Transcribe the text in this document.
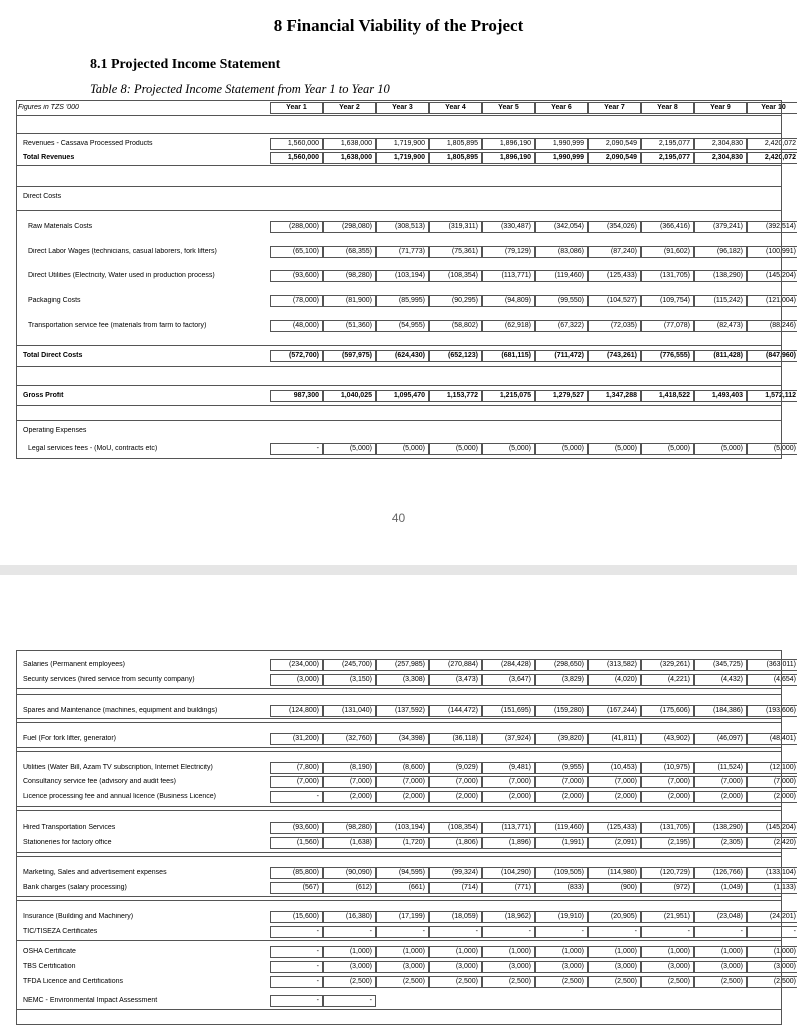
8 Financial Viability of the Project
8.1 Projected Income Statement
Table 8: Projected Income Statement from Year 1 to Year 10
Figures in TZS '000	Year 1	Year 2	Year 3	Year 4	Year 5	Year 6	Year 7	Year 8	Year 9	Year 10
Revenues - Cassava Processed Products	1,560,000	1,638,000	1,719,900	1,805,895	1,896,190	1,990,999	2,090,549	2,195,077	2,304,830	2,420,072
Total Revenues	1,560,000	1,638,000	1,719,900	1,805,895	1,896,190	1,990,999	2,090,549	2,195,077	2,304,830	2,420,072
Direct Costs
Raw Materials Costs	(288,000)	(298,080)	(308,513)	(319,311)	(330,487)	(342,054)	(354,026)	(366,416)	(379,241)	(392,514)
Direct Labor Wages (technicians, casual laborers, fork lifters)	(65,100)	(68,355)	(71,773)	(75,361)	(79,129)	(83,086)	(87,240)	(91,602)	(96,182)	(100,991)
Direct Utilities (Electricity, Water used in production process)	(93,600)	(98,280)	(103,194)	(108,354)	(113,771)	(119,460)	(125,433)	(131,705)	(138,290)	(145,204)
Packaging Costs	(78,000)	(81,900)	(85,995)	(90,295)	(94,809)	(99,550)	(104,527)	(109,754)	(115,242)	(121,004)
Transportation service fee (materials from farm to factory)	(48,000)	(51,360)	(54,955)	(58,802)	(62,918)	(67,322)	(72,035)	(77,078)	(82,473)	(88,246)
Total Direct Costs	(572,700)	(597,975)	(624,430)	(652,123)	(681,115)	(711,472)	(743,261)	(776,555)	(811,428)	(847,960)
Gross Profit	987,300	1,040,025	1,095,470	1,153,772	1,215,075	1,279,527	1,347,288	1,418,522	1,493,403	1,572,112
Operating Expenses
Legal services fees - (MoU, contracts etc)	-	(5,000)	(5,000)	(5,000)	(5,000)	(5,000)	(5,000)	(5,000)	(5,000)	(5,000)
40
Salaries (Permanent employees)	(234,000)	(245,700)	(257,985)	(270,884)	(284,428)	(298,650)	(313,582)	(329,261)	(345,725)	(363,011)
Security services (hired service from security company)	(3,000)	(3,150)	(3,308)	(3,473)	(3,647)	(3,829)	(4,020)	(4,221)	(4,432)	(4,654)
Spares and Maintenance (machines, equipment and buildings)	(124,800)	(131,040)	(137,592)	(144,472)	(151,695)	(159,280)	(167,244)	(175,606)	(184,386)	(193,606)
Fuel (For fork lifter, generator)	(31,200)	(32,760)	(34,398)	(36,118)	(37,924)	(39,820)	(41,811)	(43,902)	(46,097)	(48,401)
Utilities (Water Bill, Azam TV subscription, Internet Electricity)	(7,800)	(8,190)	(8,600)	(9,029)	(9,481)	(9,955)	(10,453)	(10,975)	(11,524)	(12,100)
Consultancy service fee (advisory and audit fees)	(7,000)	(7,000)	(7,000)	(7,000)	(7,000)	(7,000)	(7,000)	(7,000)	(7,000)	(7,000)
Licence processing fee and annual licence (Business Licence)	-	(2,000)	(2,000)	(2,000)	(2,000)	(2,000)	(2,000)	(2,000)	(2,000)	(2,000)
Hired Transportation Services	(93,600)	(98,280)	(103,194)	(108,354)	(113,771)	(119,460)	(125,433)	(131,705)	(138,290)	(145,204)
Stationeries for factory office	(1,560)	(1,638)	(1,720)	(1,806)	(1,896)	(1,991)	(2,091)	(2,195)	(2,305)	(2,420)
Marketing, Sales and advertisement expenses	(85,800)	(90,090)	(94,595)	(99,324)	(104,290)	(109,505)	(114,980)	(120,729)	(126,766)	(133,104)
Bank charges (salary processing)	(567)	(612)	(661)	(714)	(771)	(833)	(900)	(972)	(1,049)	(1,133)
Insurance (Building and Machinery)	(15,600)	(16,380)	(17,199)	(18,059)	(18,962)	(19,910)	(20,905)	(21,951)	(23,048)	(24,201)
TIC/TISEZA Certificates	-	-	-	-	-	-	-	-	-	-
OSHA Certificate	-	(1,000)	(1,000)	(1,000)	(1,000)	(1,000)	(1,000)	(1,000)	(1,000)	(1,000)
TBS Certification	-	(3,000)	(3,000)	(3,000)	(3,000)	(3,000)	(3,000)	(3,000)	(3,000)	(3,000)
TFDA Licence and Certifications	-	(2,500)	(2,500)	(2,500)	(2,500)	(2,500)	(2,500)	(2,500)	(2,500)	(2,500)
NEMC - Environmental Impact Assessment	-	-
